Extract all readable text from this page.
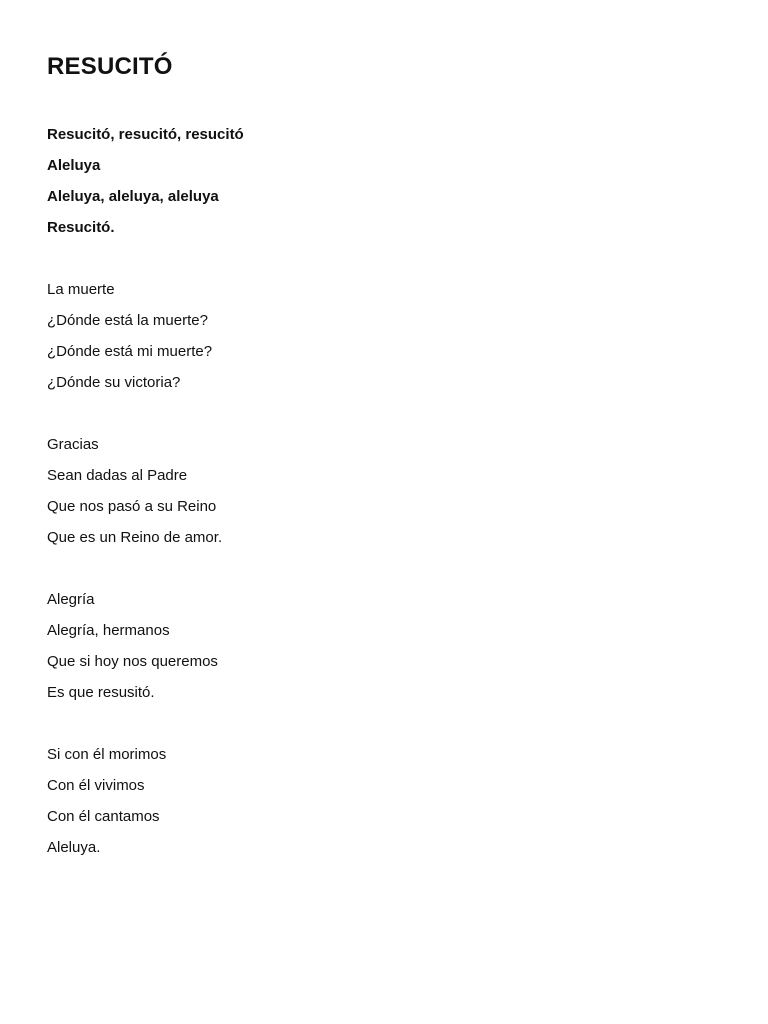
RESUCITÓ
Resucitó, resucitó, resucitó
Aleluya
Aleluya, aleluya, aleluya
Resucitó.
La muerte
¿Dónde está la muerte?
¿Dónde está mi muerte?
¿Dónde su victoria?
Gracias
Sean dadas al Padre
Que nos pasó a su Reino
Que es un Reino de amor.
Alegría
Alegría, hermanos
Que si hoy nos queremos
Es que resusitó.
Si con él morimos
Con él vivimos
Con él cantamos
Aleluya.
